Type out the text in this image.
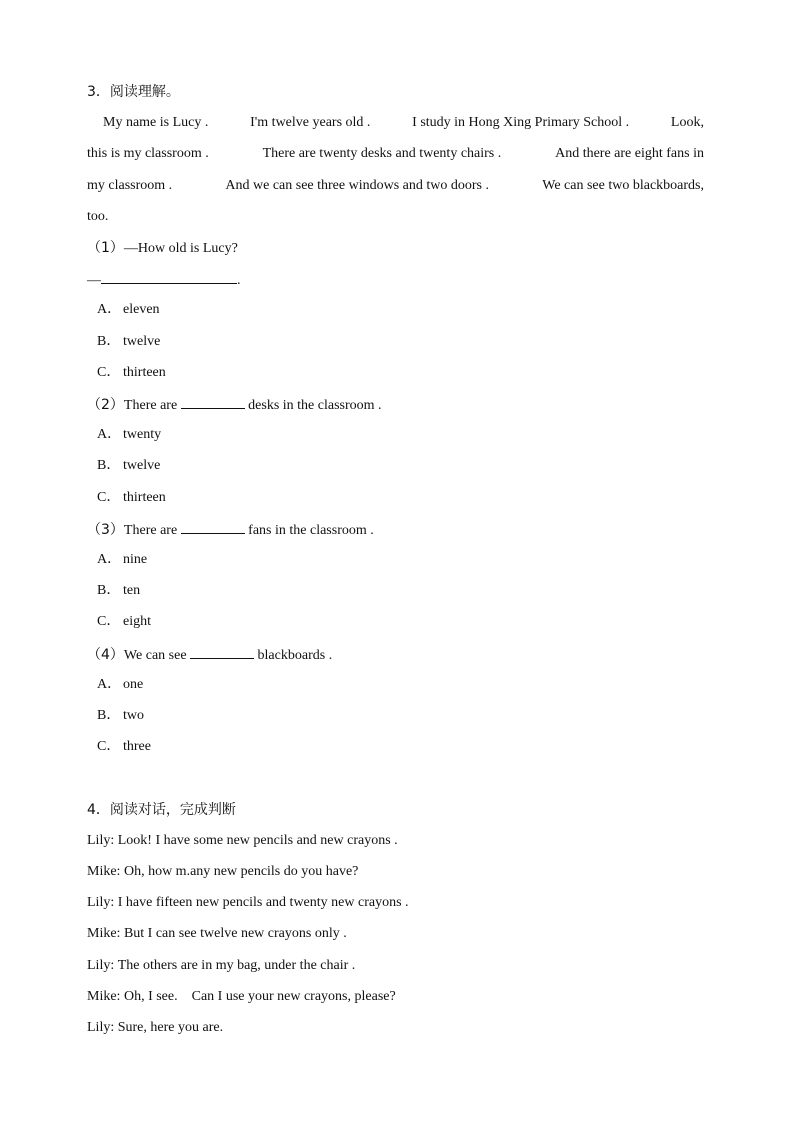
3．阅读理解。
My name is Lucy .	I'm twelve years old .	I study in Hong Xing Primary School .	Look,
this is my classroom .	There are twenty desks and twenty chairs .	And there are eight fans in
my classroom .	And we can see three windows and two doors .	We can see two blackboards,
too.
（1）—How old is Lucy?
—	.
A． eleven
B． twelve
C． thirteen
（2）There are	desks in the classroom .
A． twenty
B． twelve
C． thirteen
（3）There are	fans in the classroom .
A． nine
B． ten
C． eight
（4）We can see	blackboards .
A． one
B． two
C． three
4．阅读对话，完成判断
Lily: Look! I have some new pencils and new crayons .
Mike: Oh, how m.any new pencils do you have?
Lily: I have fifteen new pencils and twenty new crayons .
Mike: But I can see twelve new crayons only .
Lily: The others are in my bag, under the chair .
Mike: Oh, I see.    Can I use your new crayons, please?
Lily: Sure, here you are.
